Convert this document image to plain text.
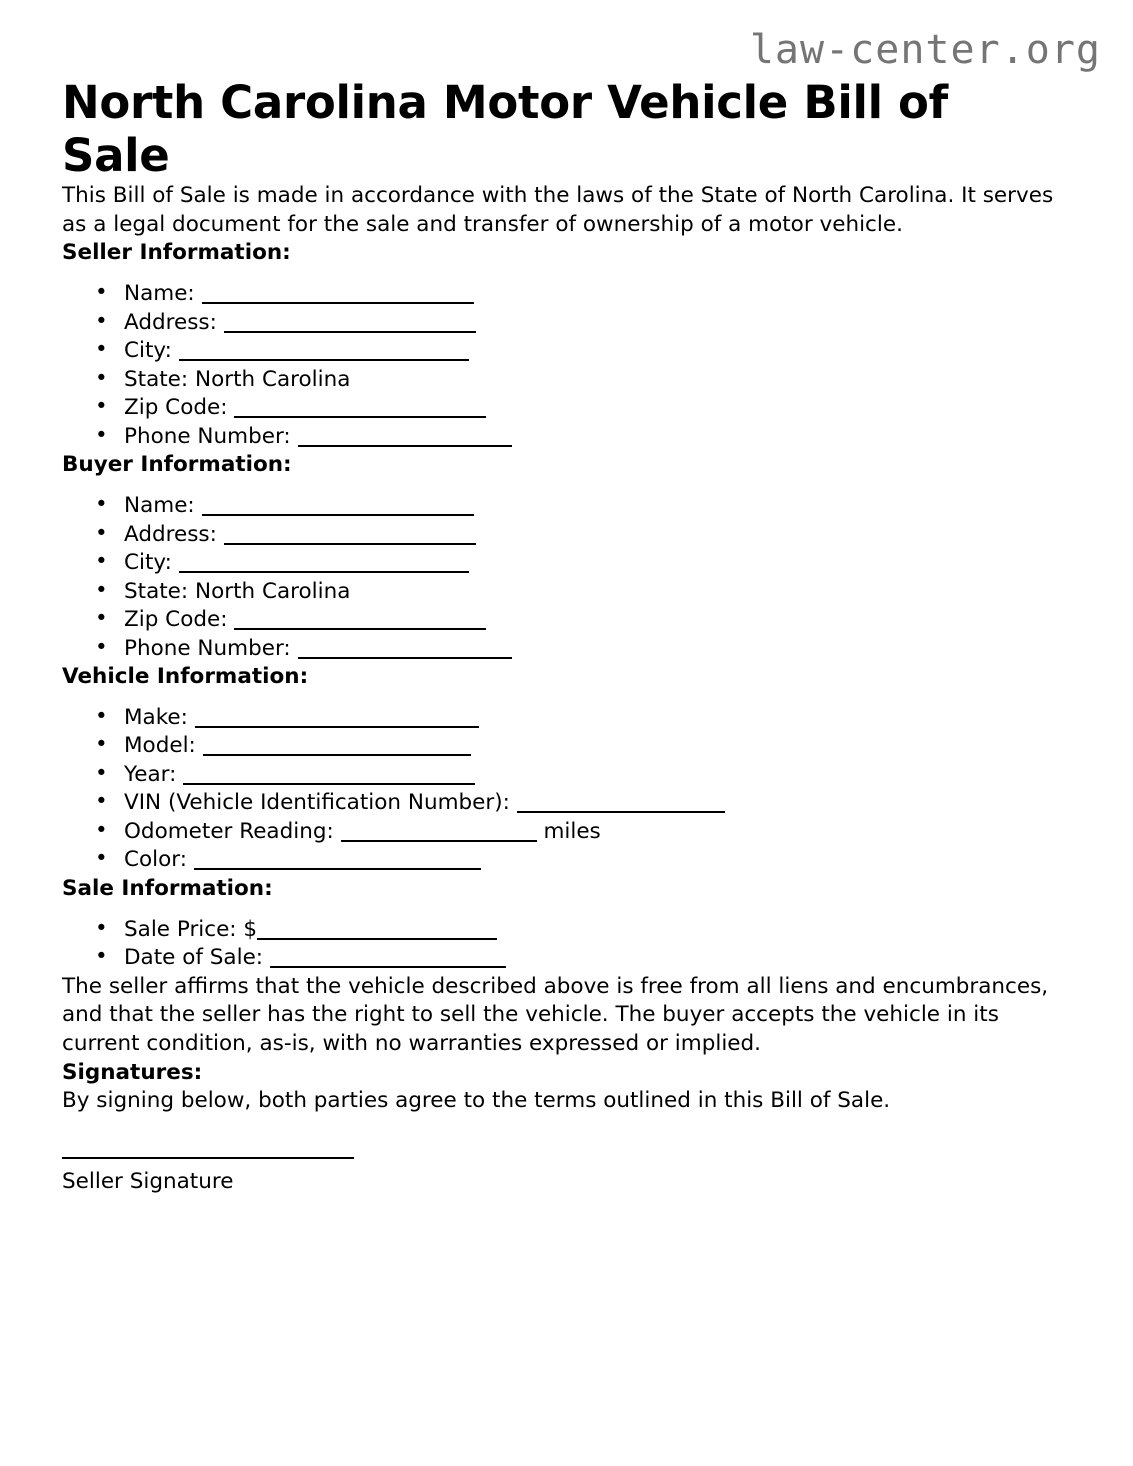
law-center.org
North Carolina Motor Vehicle Bill of Sale

This Bill of Sale is made in accordance with the laws of the State of North Carolina. It serves as a legal document for the sale and transfer of ownership of a motor vehicle.

Seller Information:
• Name:
• Address:
• City:
• State: North Carolina
• Zip Code:
• Phone Number:
Buyer Information:
• Name:
• Address:
• City:
• State: North Carolina
• Zip Code:
• Phone Number:
Vehicle Information:
• Make:
• Model:
• Year:
• VIN (Vehicle Identification Number):
• Odometer Reading:	miles
• Color:
Sale Information:
• Sale Price: $
• Date of Sale:

The seller affirms that the vehicle described above is free from all liens and encumbrances, and that the seller has the right to sell the vehicle. The buyer accepts the vehicle in its current condition, as-is, with no warranties expressed or implied.

Signatures:

By signing below, both parties agree to the terms outlined in this Bill of Sale.

Seller Signature
